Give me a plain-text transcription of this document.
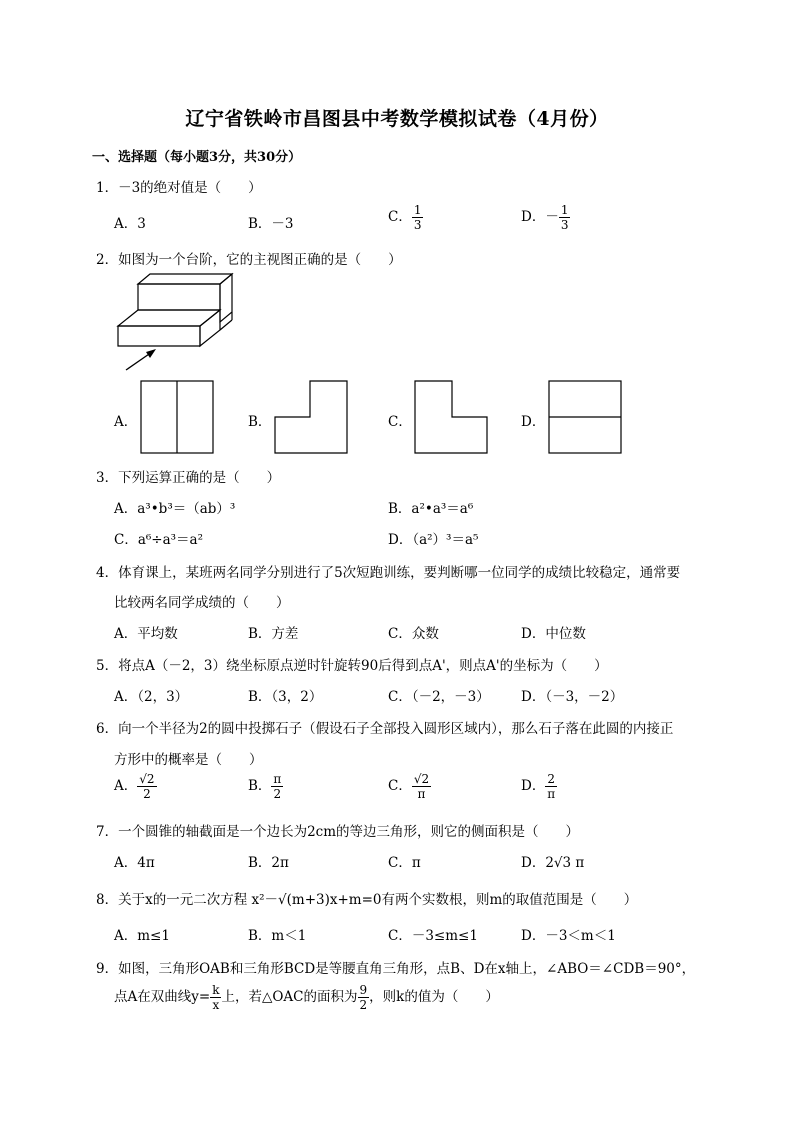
辽宁省铁岭市昌图县中考数学模拟试卷（4月份）
一、选择题（每小题3分，共30分）
1．－3的绝对值是（　　）
A．3	B．－3	C． $\frac{1}{3}$	D．－ $\frac{1}{3}$
2．如图为一个台阶，它的主视图正确的是（　　）
A．	B．	C．	D．
3．下列运算正确的是（　　）
A．a³•b³＝（ab）³	B．a²•a³＝a⁶
C．a⁶÷a³＝a²	D．（a²）³＝a⁵
4．体育课上，某班两名同学分别进行了5次短跑训练，要判断哪一位同学的成绩比较稳定，通常要
比较两名同学成绩的（　　）
A．平均数	B．方差	C．众数	D．中位数
5．将点A（－2，3）绕坐标原点逆时针旋转90后得到点A'，则点A'的坐标为（　　）
A．（2，3）	B．（3，2）	C．（－2，－3） D．（－3，－2）
6．向一个半径为2的圆中投掷石子（假设石子全部投入圆形区域内），那么石子落在此圆的内接正
方形中的概率是（　　）
A． $\frac{√2}{2}$	B． $\frac{\pi}{2}$	C． $\frac{√2}{\pi}$	D． $\frac{2}{\pi}$
7．一个圆锥的轴截面是一个边长为2cm的等边三角形，则它的侧面积是（　　）
A．4π	B．2π	C．π	D．2√3 π
8．关于x的一元二次方程 x²－√(m+3)x+m=0有两个实数根，则m的取值范围是（　　）
A．m≤1	B．m＜1	C．－3≤m≤1	D．－3＜m＜1
9．如图，三角形OAB和三角形BCD是等腰直角三角形，点B、D在x轴上，∠ABO＝∠CDB＝90°，
点A在双曲线$y= \frac{k}{x}$ 上，若△OAC的面积为 $\frac{9}{2}$ ，则k的值为（　　）
